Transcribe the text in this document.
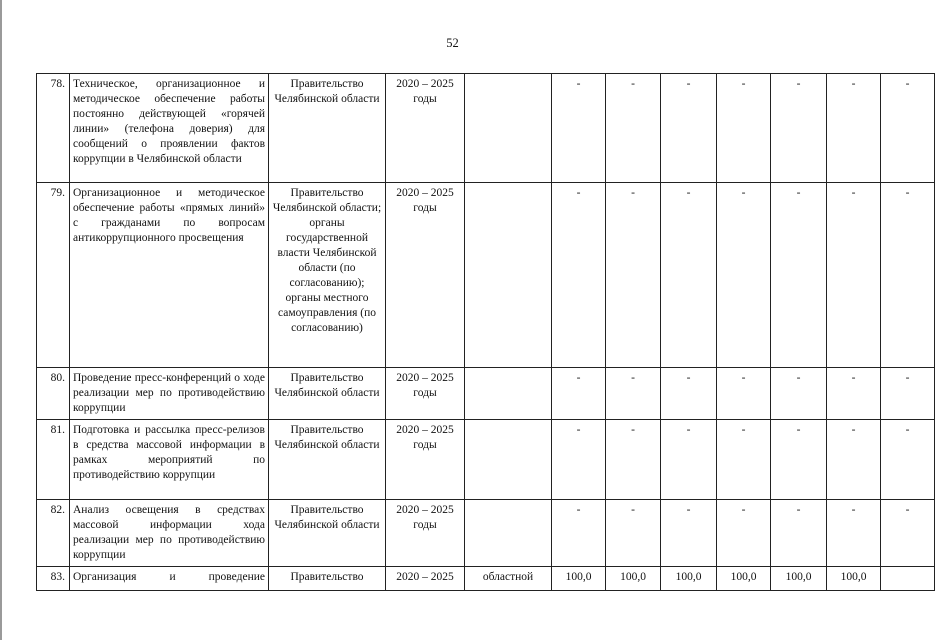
52
78.	Техническое, организационное и методическое обеспечение работы постоянно действующей «горячей линии» (телефона доверия) для сообщений о проявлении фактов коррупции в Челябинской области	Правительство Челябинской области	2020 – 2025 годы		-	-	-	-	-	-	-
79.	Организационное и методическое обеспечение работы «прямых линий» с гражданами по вопросам антикоррупционного просвещения	Правительство Челябинской области; органы государственной власти Челябинской области (по согласованию); органы местного самоуправления (по согласованию)	2020 – 2025 годы		-	-	-	-	-	-	-
80.	Проведение пресс-конференций о ходе реализации мер по противодействию коррупции	Правительство Челябинской области	2020 – 2025 годы		-	-	-	-	-	-	-
81.	Подготовка и рассылка пресс-релизов в средства массовой информации в рамках мероприятий по противодействию коррупции	Правительство Челябинской области	2020 – 2025 годы		-	-	-	-	-	-	-
82.	Анализ освещения в средствах массовой информации хода реализации мер по противодействию коррупции	Правительство Челябинской области	2020 – 2025 годы		-	-	-	-	-	-	-
83.	Организация и проведение	Правительство	2020 – 2025	областной	100,0	100,0	100,0	100,0	100,0	100,0	
